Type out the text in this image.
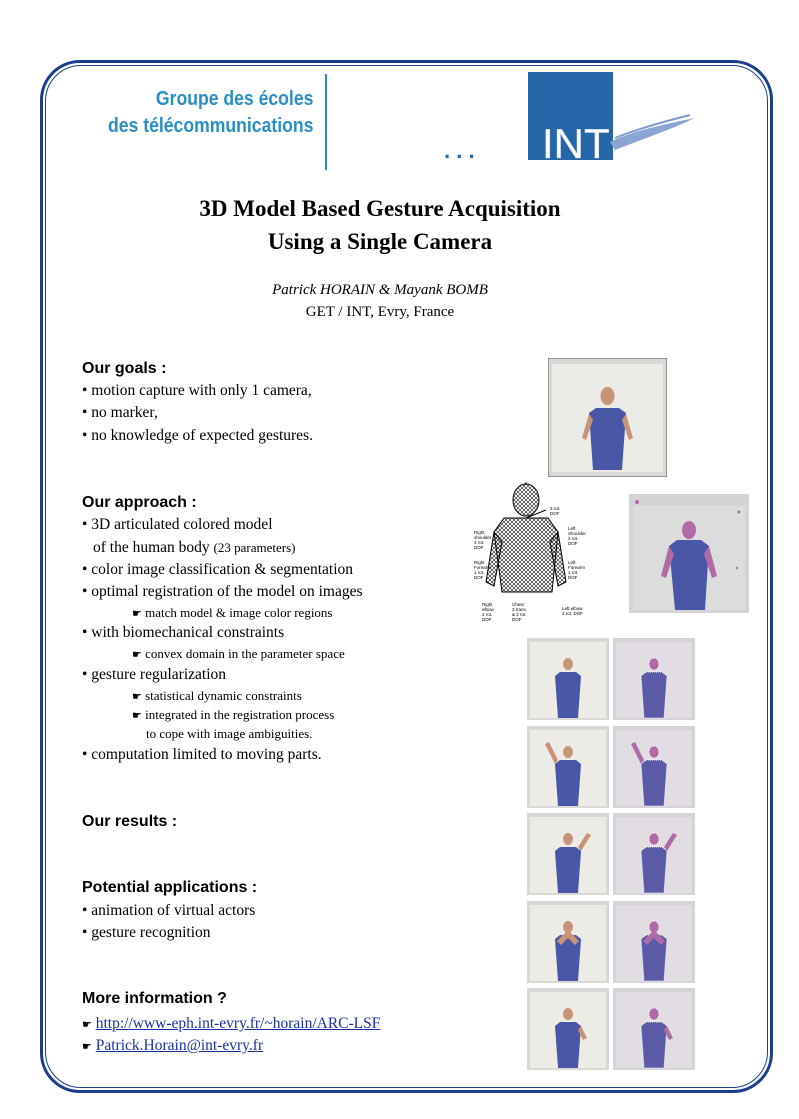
Groupe des écoles
des télécommunications
. . . INT
3D Model Based Gesture Acquisition
Using a Single Camera
Patrick HORAIN & Mayank BOMB
GET / INT, Evry, France
Our goals :
• motion capture with only 1 camera,
• no marker,
• no knowledge of expected gestures.
Our approach :
• 3D articulated colored model
of the human body (23 parameters)
• color image classification & segmentation
• optimal registration of the model on images
☛ match model & image color regions
• with biomechanical constraints
☛ convex domain in the parameter space
• gesture regularization
☛ statistical dynamic constraints
☛ integrated in the registration process
to cope with image ambiguities.
• computation limited to moving parts.
Our results :
Potential applications :
• animation of virtual actors
• gesture recognition
More information ?
☛ http://www-eph.int-evry.fr/~horain/ARC-LSF
☛ Patrick.Horain@int-evry.fr
3 rot. DOF
Right shoulder 3 rot. DOF
Left Shoulder 3 rot. DOF
Right Forearm 1 rot. DOF
Left Forearm 1 rot. DOF
Right elbow 2 rot. DOF
Chest 3 trans. & 3 rot. DOF
Left elbow 2 rot. DOF
